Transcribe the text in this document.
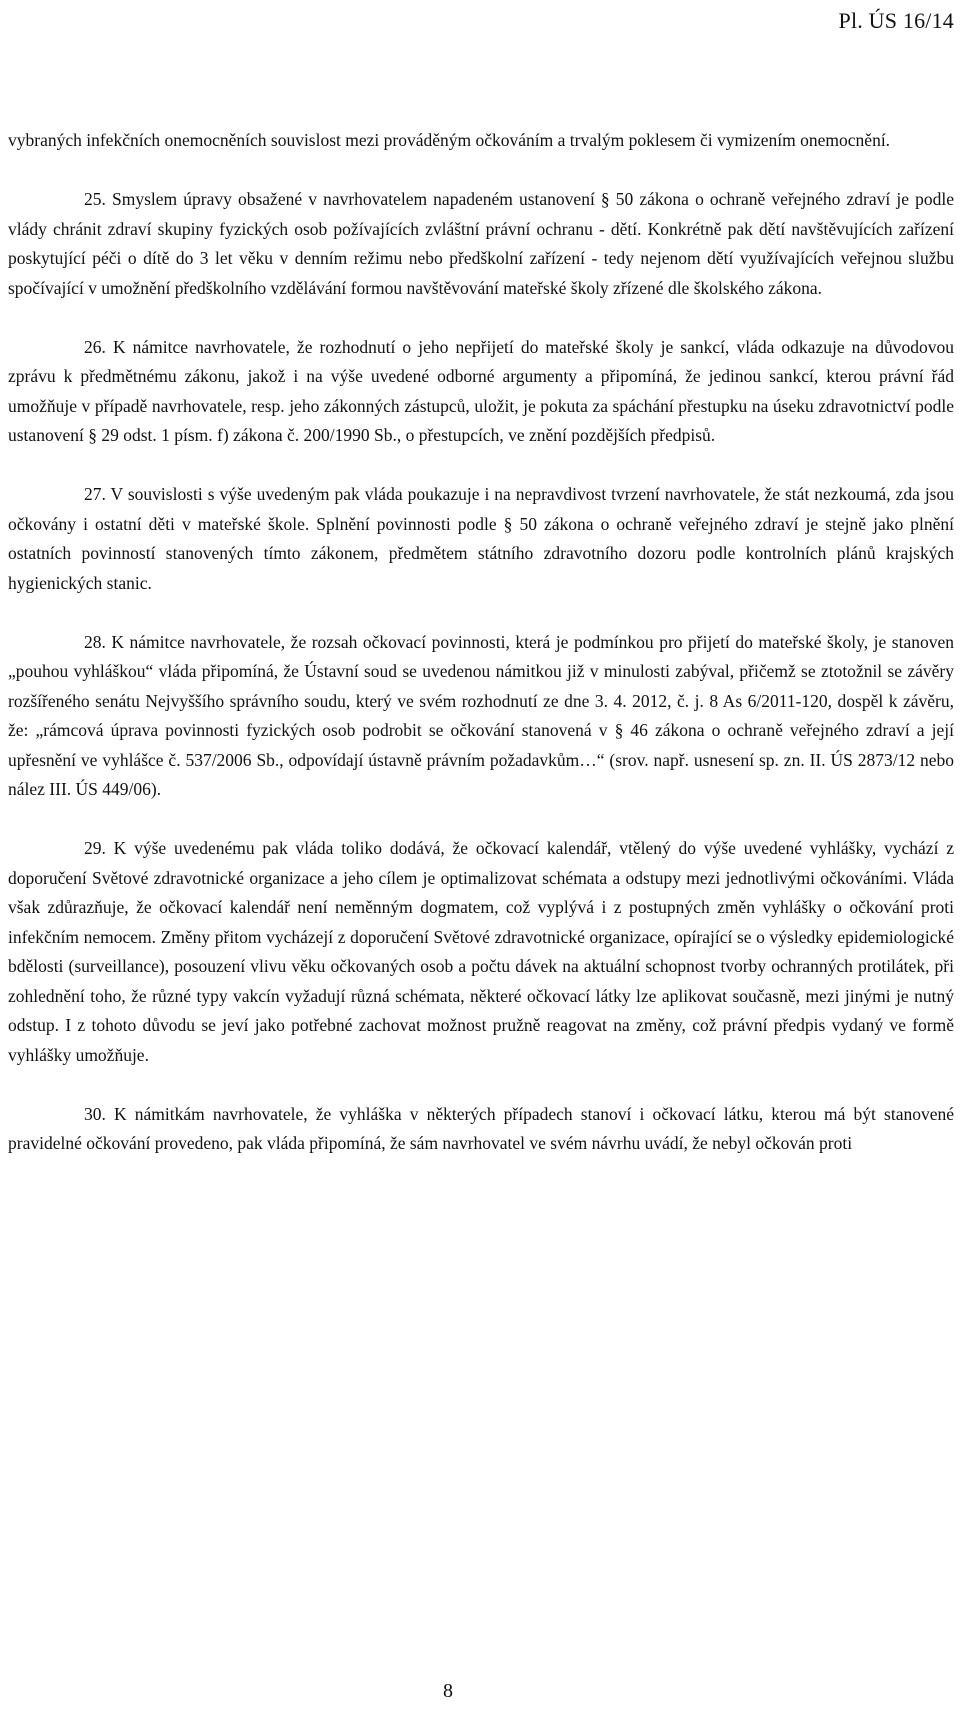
Pl. ÚS 16/14

vybraných infekčních onemocněních souvislost mezi prováděným očkováním a trvalým poklesem či vymizením onemocnění.

25. Smyslem úpravy obsažené v navrhovatelem napadeném ustanovení § 50 zákona o ochraně veřejného zdraví je podle vlády chránit zdraví skupiny fyzických osob požívajících zvláštní právní ochranu - dětí. Konkrétně pak dětí navštěvujících zařízení poskytující péči o dítě do 3 let věku v denním režimu nebo předškolní zařízení - tedy nejenom dětí využívajících veřejnou službu spočívající v umožnění předškolního vzdělávání formou navštěvování mateřské školy zřízené dle školského zákona.

26. K námitce navrhovatele, že rozhodnutí o jeho nepřijetí do mateřské školy je sankcí, vláda odkazuje na důvodovou zprávu k předmětnému zákonu, jakož i na výše uvedené odborné argumenty a připomíná, že jedinou sankcí, kterou právní řád umožňuje v případě navrhovatele, resp. jeho zákonných zástupců, uložit, je pokuta za spáchání přestupku na úseku zdravotnictví podle ustanovení § 29 odst. 1 písm. f) zákona č. 200/1990 Sb., o přestupcích, ve znění pozdějších předpisů.

27. V souvislosti s výše uvedeným pak vláda poukazuje i na nepravdivost tvrzení navrhovatele, že stát nezkoumá, zda jsou očkovány i ostatní děti v mateřské škole. Splnění povinnosti podle § 50 zákona o ochraně veřejného zdraví je stejně jako plnění ostatních povinností stanovených tímto zákonem, předmětem státního zdravotního dozoru podle kontrolních plánů krajských hygienických stanic.

28. K námitce navrhovatele, že rozsah očkovací povinnosti, která je podmínkou pro přijetí do mateřské školy, je stanoven „pouhou vyhláškou“ vláda připomíná, že Ústavní soud se uvedenou námitkou již v minulosti zabýval, přičemž se ztotožnil se závěry rozšířeného senátu Nejvyššího správního soudu, který ve svém rozhodnutí ze dne 3. 4. 2012, č. j. 8 As 6/2011-120, dospěl k závěru, že: „rámcová úprava povinnosti fyzických osob podrobit se očkování stanovená v § 46 zákona o ochraně veřejného zdraví a její upřesnění ve vyhlášce č. 537/2006 Sb., odpovídají ústavně právním požadavkům…“ (srov. např. usnesení sp. zn. II. ÚS 2873/12 nebo nález III. ÚS 449/06).

29. K výše uvedenému pak vláda toliko dodává, že očkovací kalendář, vtělený do výše uvedené vyhlášky, vychází z doporučení Světové zdravotnické organizace a jeho cílem je optimalizovat schémata a odstupy mezi jednotlivými očkováními. Vláda však zdůrazňuje, že očkovací kalendář není neměnným dogmatem, což vyplývá i z postupných změn vyhlášky o očkování proti infekčním nemocem. Změny přitom vycházejí z doporučení Světové zdravotnické organizace, opírající se o výsledky epidemiologické bdělosti (surveillance), posouzení vlivu věku očkovaných osob a počtu dávek na aktuální schopnost tvorby ochranných protilátek, při zohlednění toho, že různé typy vakcín vyžadují různá schémata, některé očkovací látky lze aplikovat současně, mezi jinými je nutný odstup. I z tohoto důvodu se jeví jako potřebné zachovat možnost pružně reagovat na změny, což právní předpis vydaný ve formě vyhlášky umožňuje.

30. K námitkám navrhovatele, že vyhláška v některých případech stanoví i očkovací látku, kterou má být stanovené pravidelné očkování provedeno, pak vláda připomíná, že sám navrhovatel ve svém návrhu uvádí, že nebyl očkován proti

8
